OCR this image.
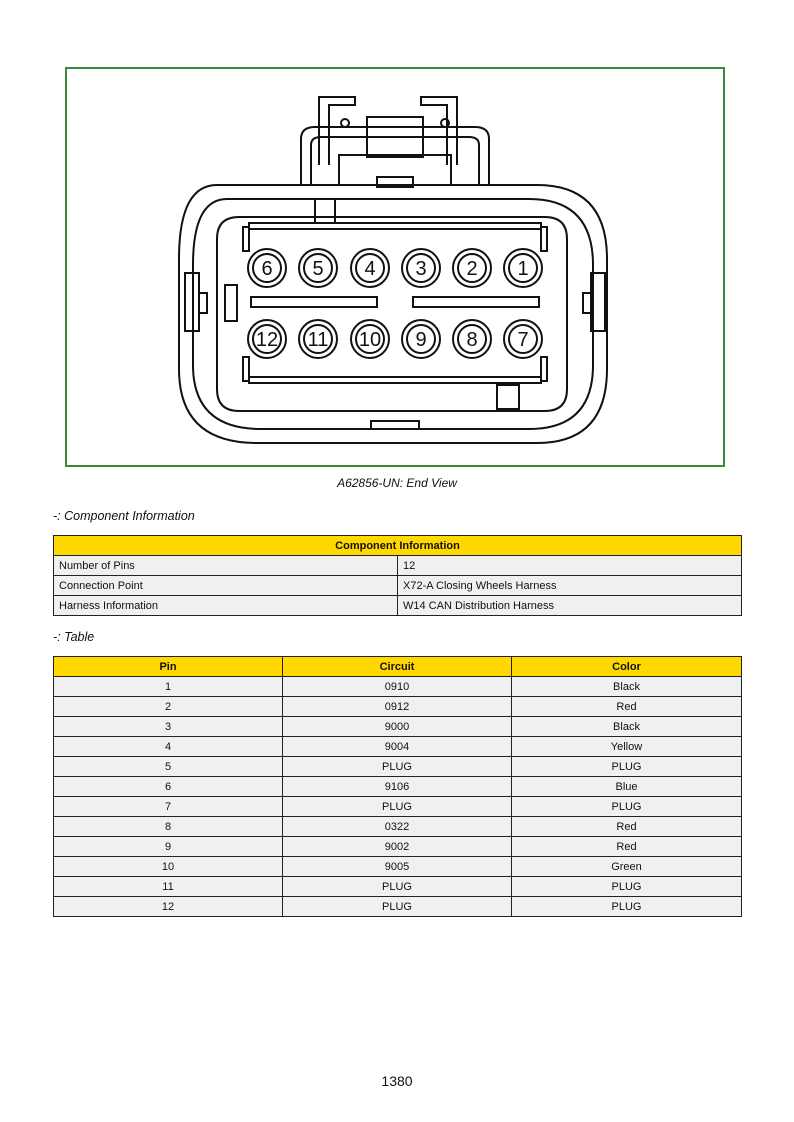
6 5 4 3 2 1
12 11 10 9 8 7
A62856-UN: End View
-: Component Information
Component Information	
Number of Pins	12
Connection Point	X72-A Closing Wheels Harness
Harness Information	W14 CAN Distribution Harness
-: Table
Pin	Circuit	Color
1	0910	Black
2	0912	Red
3	9000	Black
4	9004	Yellow
5	PLUG	PLUG
6	9106	Blue
7	PLUG	PLUG
8	0322	Red
9	9002	Red
10	9005	Green
11	PLUG	PLUG
12	PLUG	PLUG
1380
